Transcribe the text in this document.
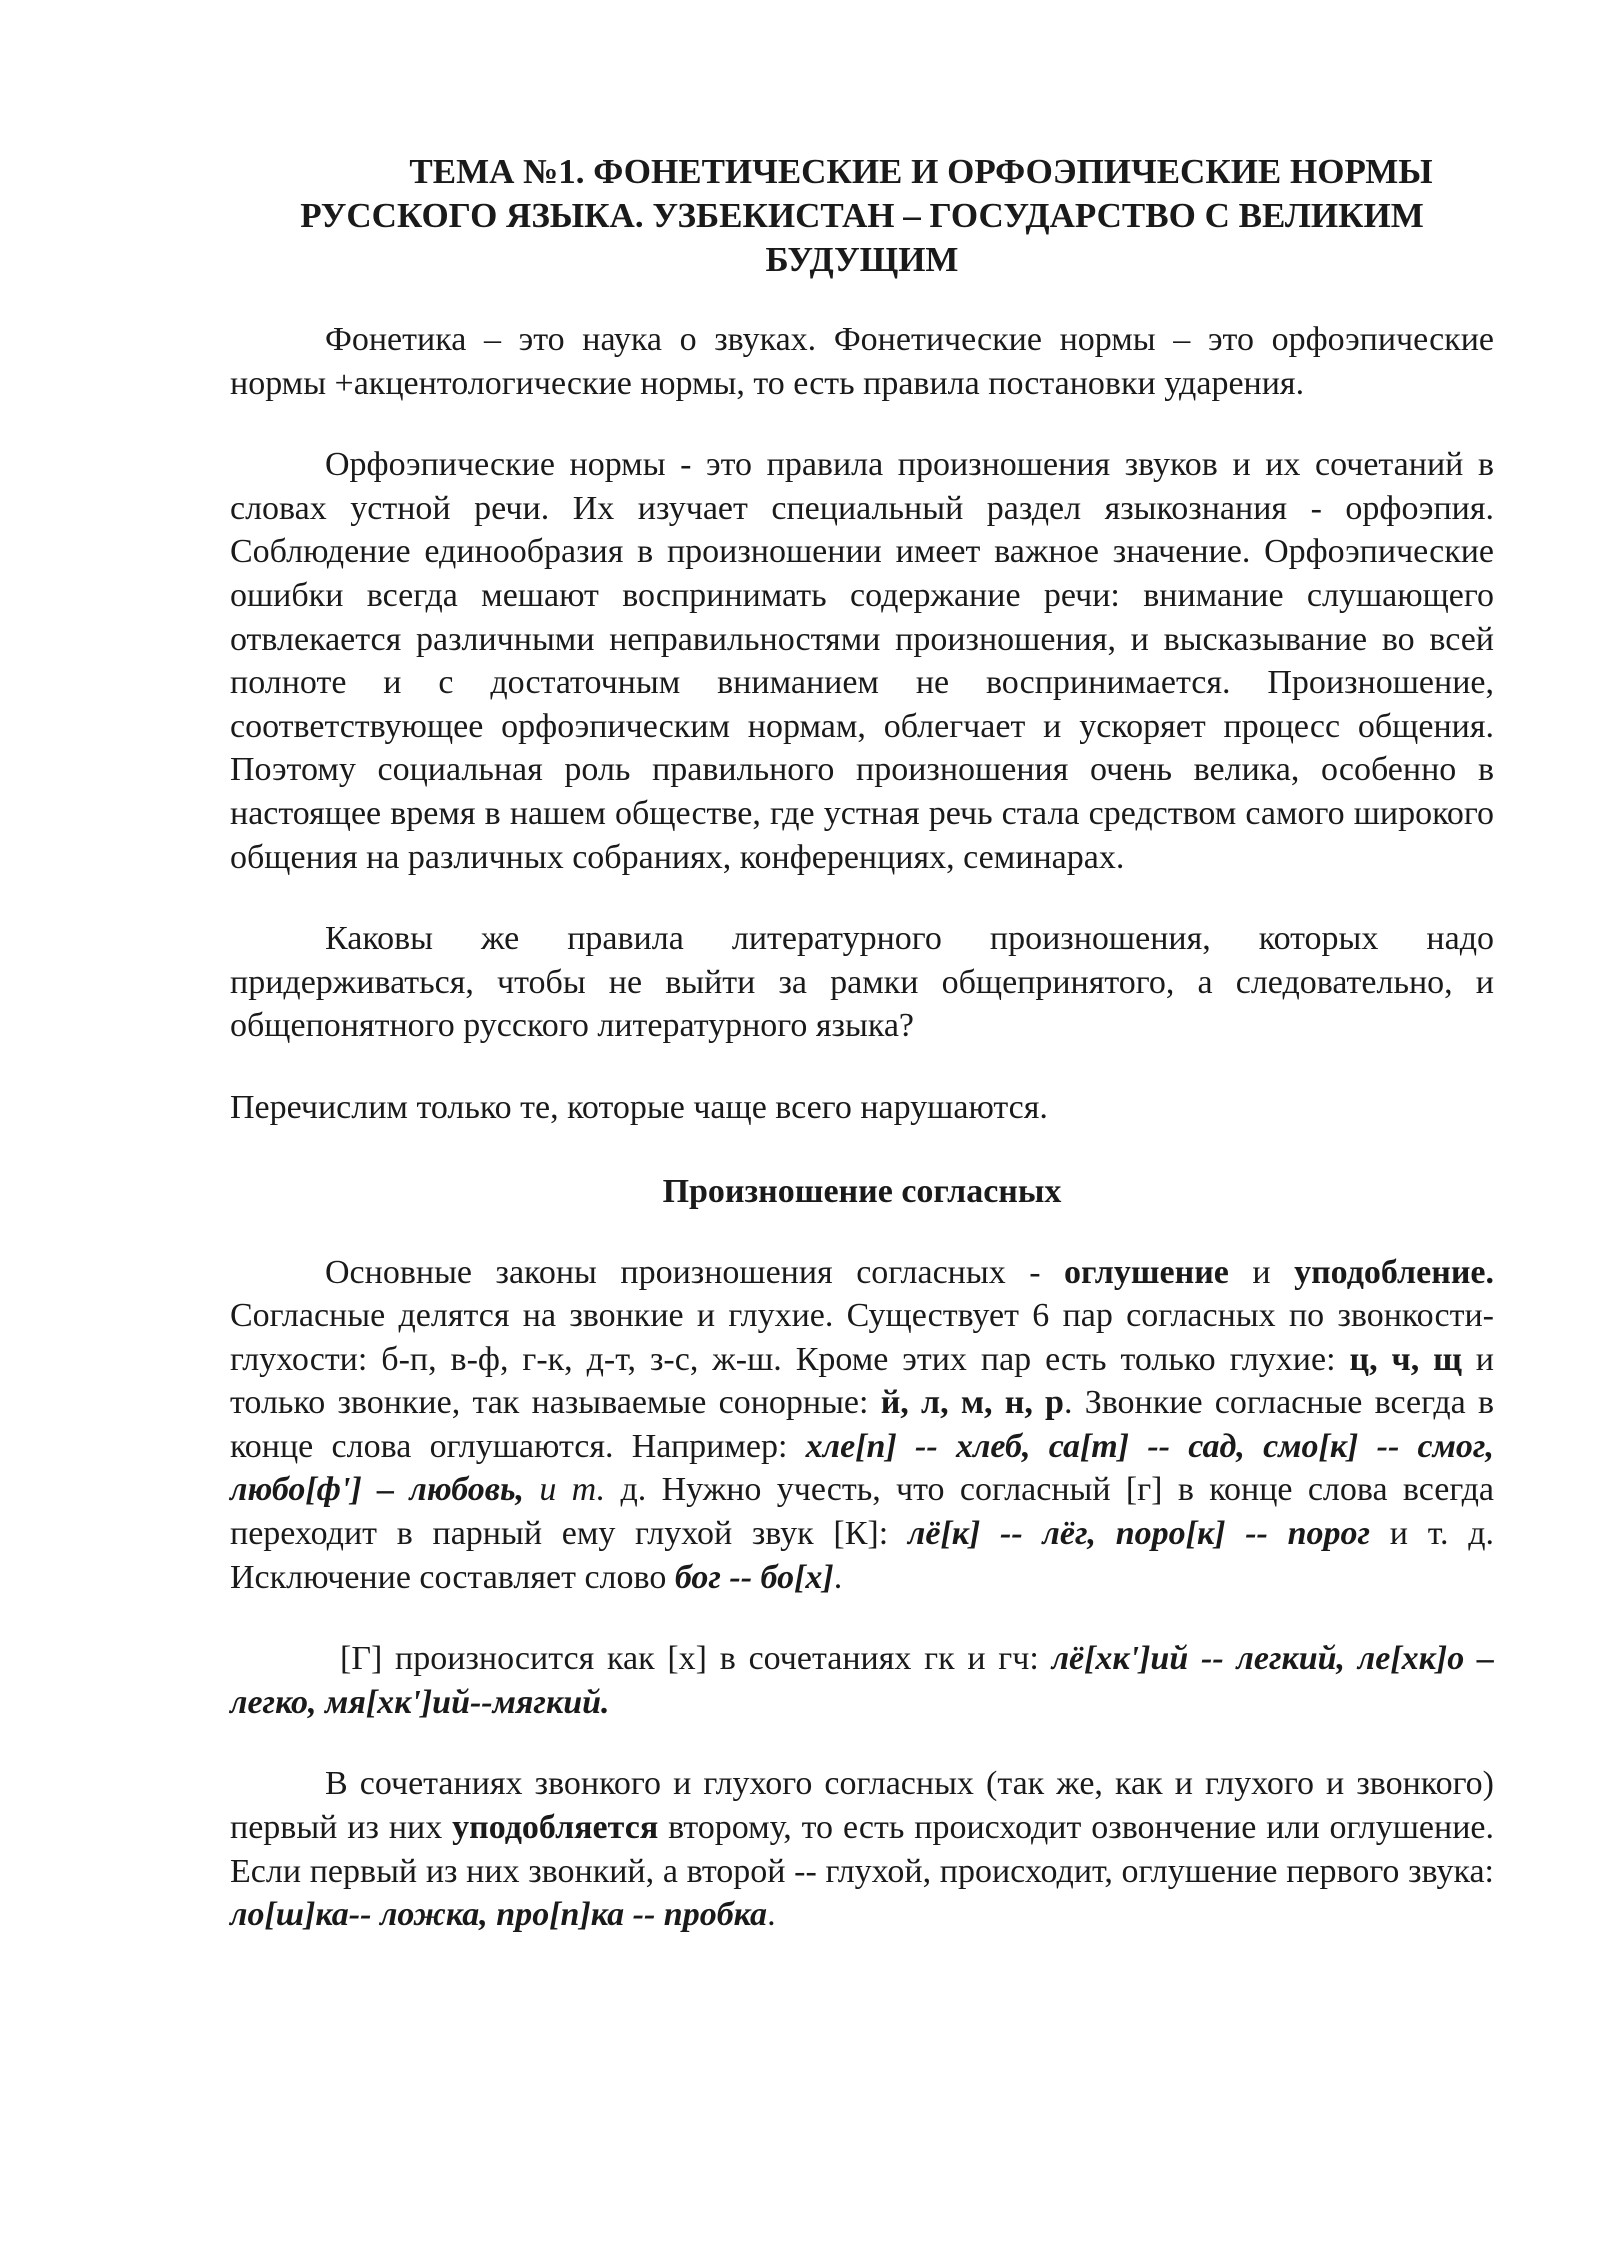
ТЕМА №1. ФОНЕТИЧЕСКИЕ И ОРФОЭПИЧЕСКИЕ НОРМЫ
РУССКОГО ЯЗЫКА. УЗБЕКИСТАН – ГОСУДАРСТВО С ВЕЛИКИМ
БУДУЩИМ

Фонетика – это наука о звуках. Фонетические нормы – это орфоэпические нормы +акцентологические нормы, то есть правила постановки ударения.

Орфоэпические нормы - это правила произношения звуков и их сочетаний в словах устной речи. Их изучает специальный раздел языкознания - орфоэпия. Соблюдение единообразия в произношении имеет важное значение. Орфоэпические ошибки всегда мешают воспринимать содержание речи: внимание слушающего отвлекается различными неправильностями произношения, и высказывание во всей полноте и с достаточным вниманием не воспринимается. Произношение, соответствующее орфоэпическим нормам, облегчает и ускоряет процесс общения. Поэтому социальная роль правильного произношения очень велика, особенно в настоящее время в нашем обществе, где устная речь стала средством самого широкого общения на различных собраниях, конференциях, семинарах.

Каковы же правила литературного произношения, которых надо придерживаться, чтобы не выйти за рамки общепринятого, а следовательно, и общепонятного русского литературного языка?

Перечислим только те, которые чаще всего нарушаются.

Произношение согласных

Основные законы произношения согласных - оглушение и уподобление. Согласные делятся на звонкие и глухие. Существует 6 пар согласных по звонкости-глухости: б-п, в-ф, г-к, д-т, з-с, ж-ш. Кроме этих пар есть только глухие: ц, ч, щ и только звонкие, так называемые сонорные: й, л, м, н, р. Звонкие согласные всегда в конце слова оглушаются. Например: хле[п] -- хлеб, са[т] -- сад, смо[к] -- смог, любо[ф'] – любовь, и т. д. Нужно учесть, что согласный [г] в конце слова всегда переходит в парный ему глухой звук [К]: лё[к] -- лёг, поро[к] -- порог и т. д. Исключение составляет слово бог -- бо[х].

[Г] произносится как [х] в сочетаниях гк и гч: лё[хк']ий -- легкий, ле[хк]о – легко, мя[хк']ий--мягкий.

В сочетаниях звонкого и глухого согласных (так же, как и глухого и звонкого) первый из них уподобляется второму, то есть происходит озвончение или оглушение. Если первый из них звонкий, а второй -- глухой, происходит, оглушение первого звука: ло[ш]ка-- ложка, про[п]ка -- пробка.
